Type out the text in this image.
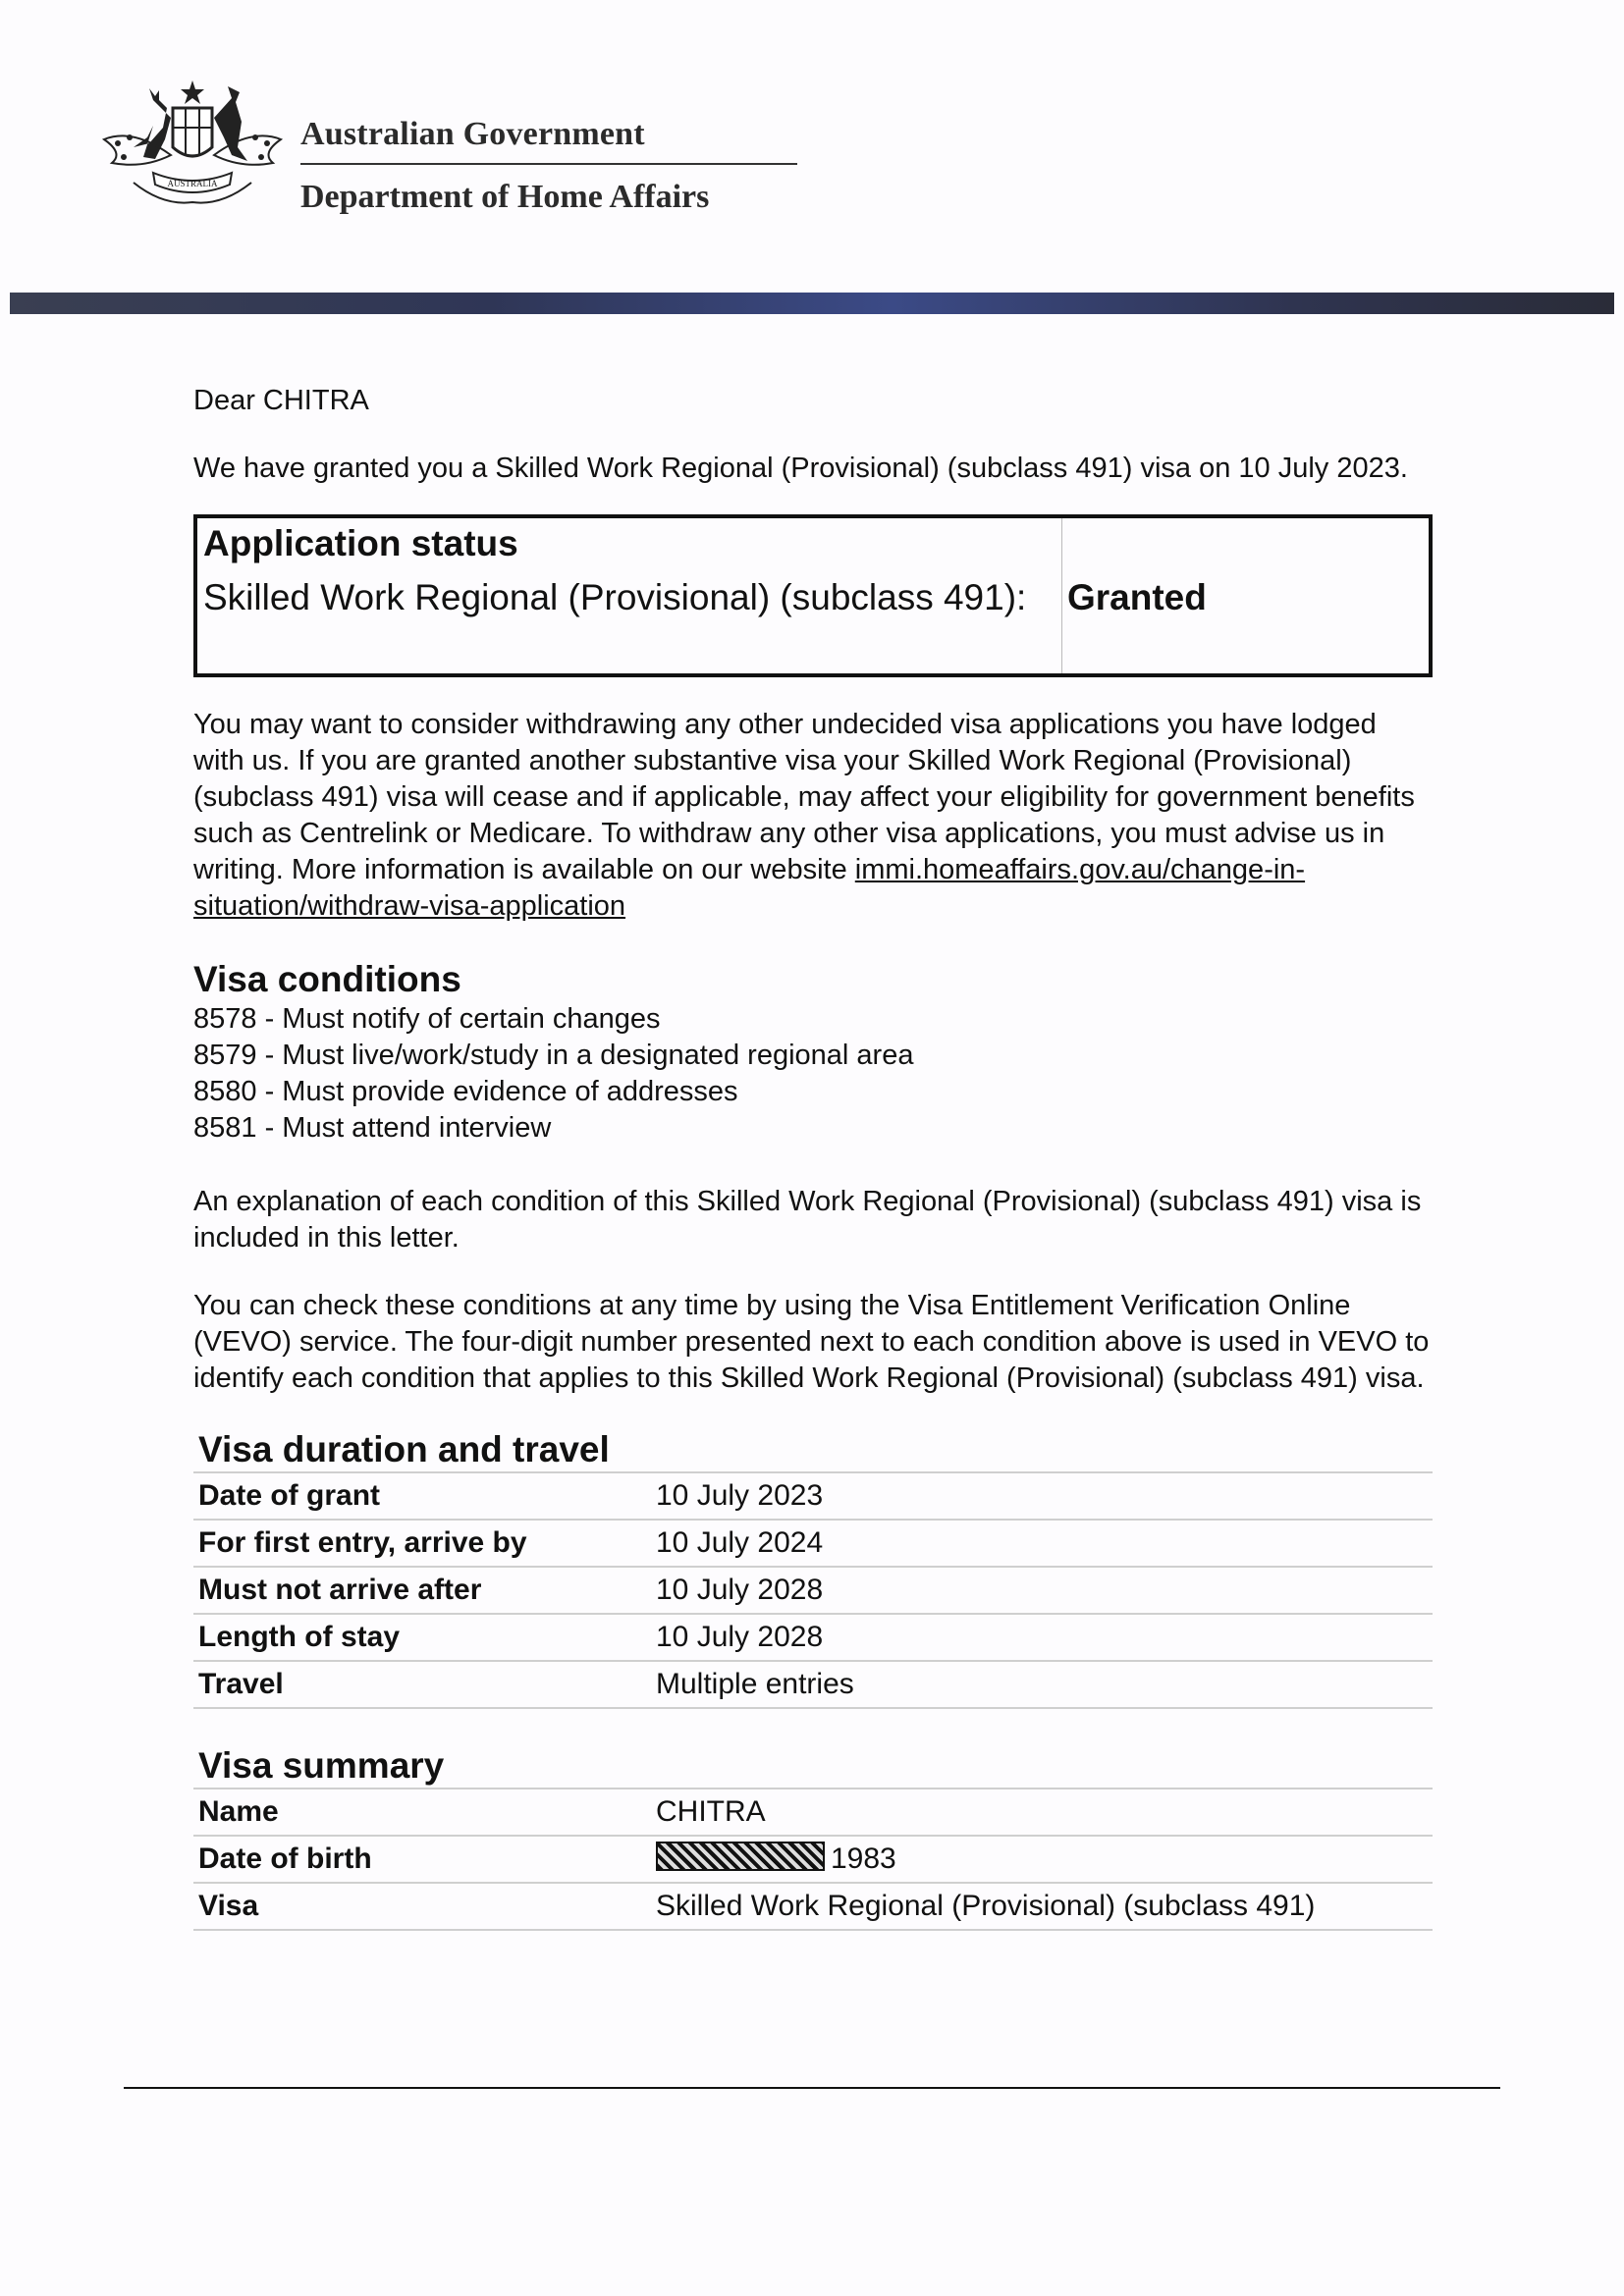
AUSTRALIA
Australian Government
Department of Home Affairs

Dear CHITRA

We have granted you a Skilled Work Regional (Provisional) (subclass 491) visa on 10 July 2023.

Application status
Skilled Work Regional (Provisional) (subclass 491):	Granted

You may want to consider withdrawing any other undecided visa applications you have lodged with us. If you are granted another substantive visa your Skilled Work Regional (Provisional) (subclass 491) visa will cease and if applicable, may affect your eligibility for government benefits such as Centrelink or Medicare. To withdraw any other visa applications, you must advise us in writing. More information is available on our website immi.homeaffairs.gov.au/change-in-situation/withdraw-visa-application

Visa conditions
8578 - Must notify of certain changes
8579 - Must live/work/study in a designated regional area
8580 - Must provide evidence of addresses
8581 - Must attend interview

An explanation of each condition of this Skilled Work Regional (Provisional) (subclass 491) visa is included in this letter.

You can check these conditions at any time by using the Visa Entitlement Verification Online (VEVO) service. The four-digit number presented next to each condition above is used in VEVO to identify each condition that applies to this Skilled Work Regional (Provisional) (subclass 491) visa.

Visa duration and travel
Date of grant	10 July 2023
For first entry, arrive by	10 July 2024
Must not arrive after	10 July 2028
Length of stay	10 July 2028
Travel	Multiple entries
Visa summary
Name	CHITRA
Date of birth	1983
Visa	Skilled Work Regional (Provisional) (subclass 491)
